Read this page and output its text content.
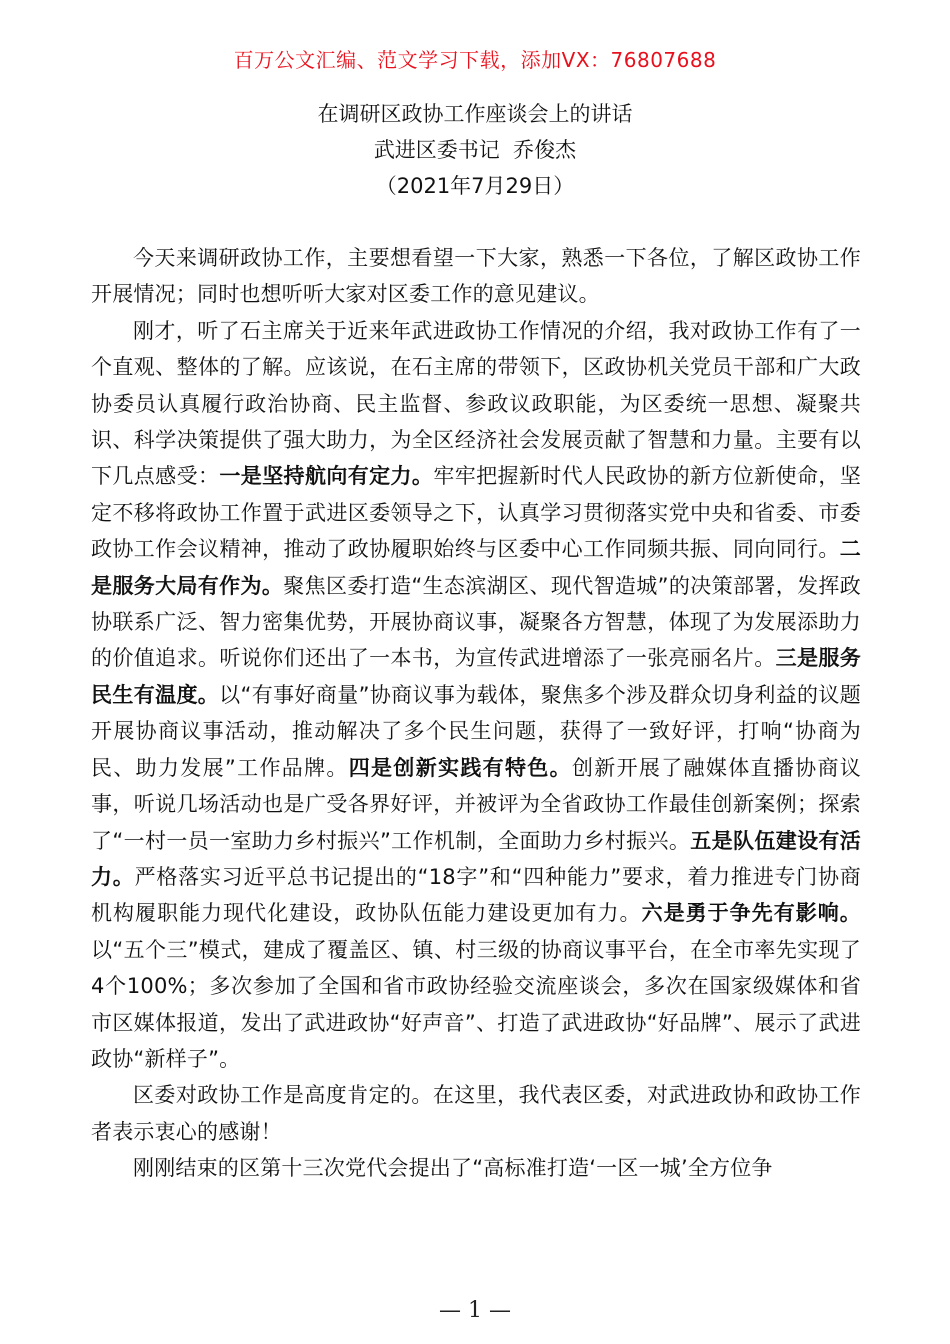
百万公文汇编、范文学习下载，添加VX：76807688
在调研区政协工作座谈会上的讲话
武进区委书记  乔俊杰
（2021年7月29日）

今天来调研政协工作，主要想看望一下大家，熟悉一下各位，了解区政协工作开展情况；同时也想听听大家对区委工作的意见建议。

刚才，听了石主席关于近来年武进政协工作情况的介绍，我对政协工作有了一个直观、整体的了解。应该说，在石主席的带领下，区政协机关党员干部和广大政协委员认真履行政治协商、民主监督、参政议政职能，为区委统一思想、凝聚共识、科学决策提供了强大助力，为全区经济社会发展贡献了智慧和力量。主要有以下几点感受：一是坚持航向有定力。牢牢把握新时代人民政协的新方位新使命，坚定不移将政协工作置于武进区委领导之下，认真学习贯彻落实党中央和省委、市委政协工作会议精神，推动了政协履职始终与区委中心工作同频共振、同向同行。二是服务大局有作为。聚焦区委打造“生态滨湖区、现代智造城”的决策部署，发挥政协联系广泛、智力密集优势，开展协商议事，凝聚各方智慧，体现了为发展添助力的价值追求。听说你们还出了一本书，为宣传武进增添了一张亮丽名片。三是服务民生有温度。以“有事好商量”协商议事为载体，聚焦多个涉及群众切身利益的议题开展协商议事活动，推动解决了多个民生问题，获得了一致好评，打响“协商为民、助力发展”工作品牌。四是创新实践有特色。创新开展了融媒体直播协商议事，听说几场活动也是广受各界好评，并被评为全省政协工作最佳创新案例；探索了“一村一员一室助力乡村振兴”工作机制，全面助力乡村振兴。五是队伍建设有活力。严格落实习近平总书记提出的“18字”和“四种能力”要求，着力推进专门协商机构履职能力现代化建设，政协队伍能力建设更加有力。六是勇于争先有影响。以“五个三”模式，建成了覆盖区、镇、村三级的协商议事平台，在全市率先实现了4个100%；多次参加了全国和省市政协经验交流座谈会，多次在国家级媒体和省市区媒体报道，发出了武进政协“好声音”、打造了武进政协“好品牌”、展示了武进政协“新样子”。

区委对政协工作是高度肯定的。在这里，我代表区委，对武进政协和政协工作者表示衷心的感谢！

刚刚结束的区第十三次党代会提出了“高标准打造‘一区一城’全方位争

— 1 —
